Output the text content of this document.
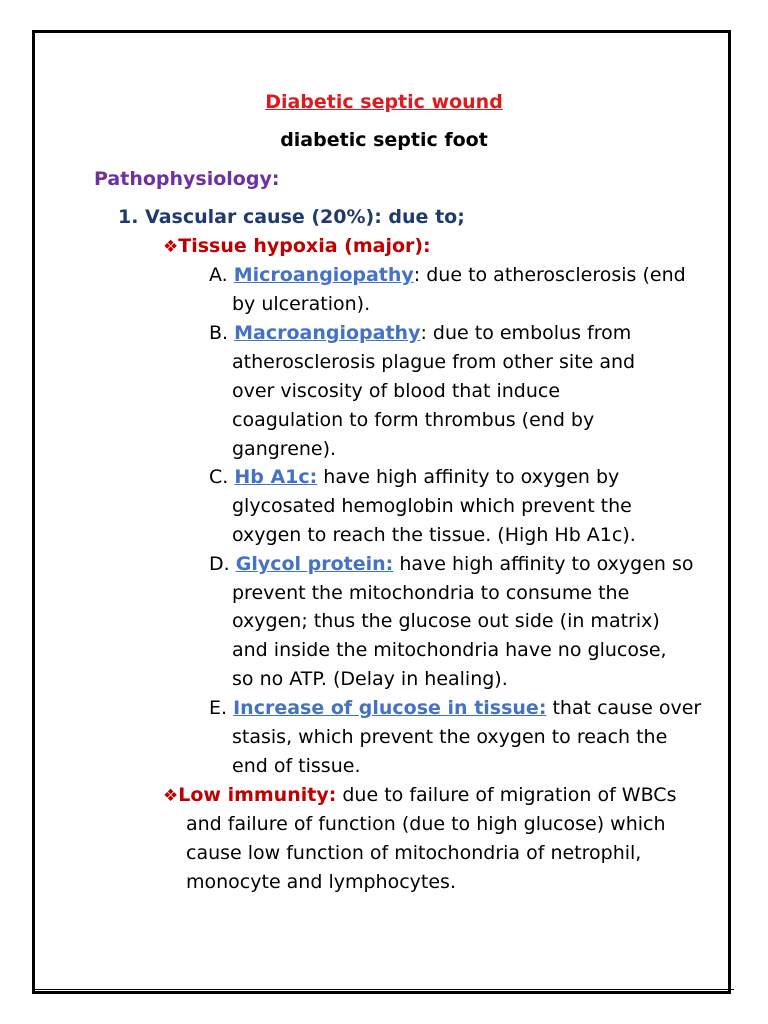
Diabetic septic wound
diabetic septic foot
Pathophysiology:
1. Vascular cause (20%): due to;
❖Tissue hypoxia (major):
A. Microangiopathy: due to atherosclerosis (end
by ulceration).
B. Macroangiopathy: due to embolus from
atherosclerosis plague from other site and
over viscosity of blood that induce
coagulation to form thrombus (end by
gangrene).
C. Hb A1c: have high affinity to oxygen by
glycosated hemoglobin which prevent the
oxygen to reach the tissue. (High Hb A1c).
D. Glycol protein: have high affinity to oxygen so
prevent the mitochondria to consume the
oxygen; thus the glucose out side (in matrix)
and inside the mitochondria have no glucose,
so no ATP. (Delay in healing).
E. Increase of glucose in tissue: that cause over
stasis, which prevent the oxygen to reach the
end of tissue.
❖Low immunity: due to failure of migration of WBCs
and failure of function (due to high glucose) which
cause low function of mitochondria of netrophil,
monocyte and lymphocytes.
